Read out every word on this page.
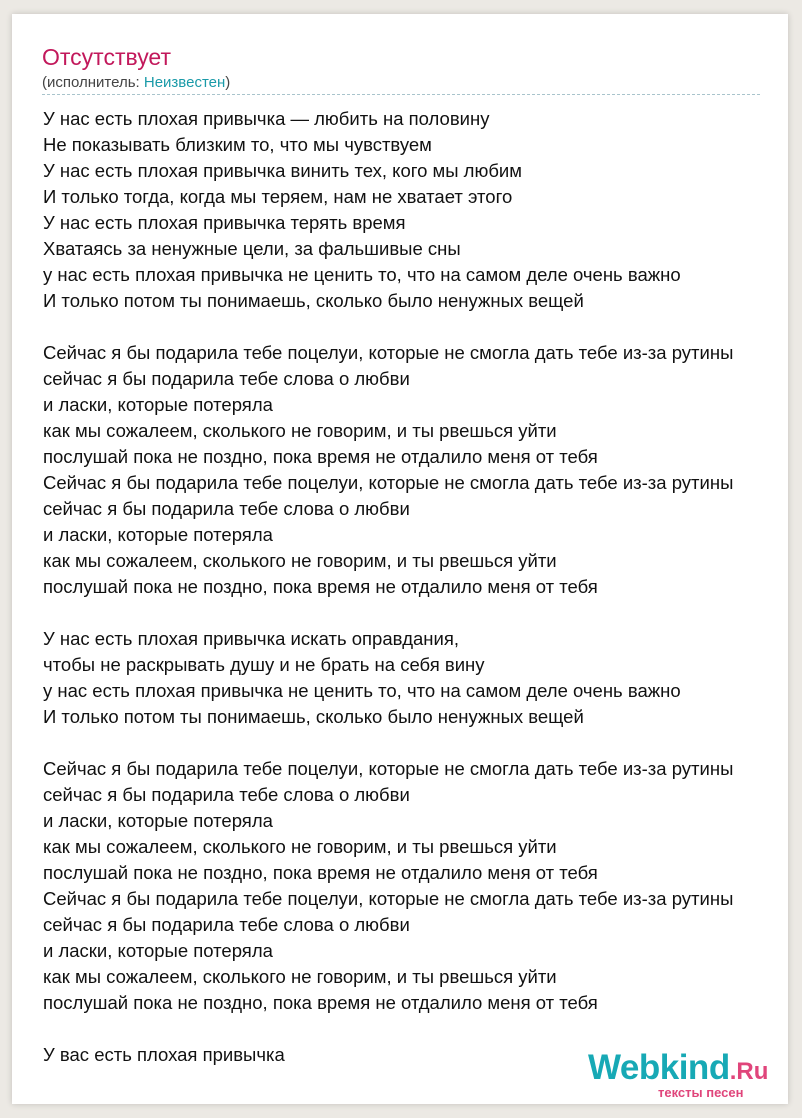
Отсутствует
(исполнитель: Неизвестен)
У нас есть плохая привычка — любить на половину
Не показывать близким то, что мы чувствуем
У нас есть плохая привычка винить тех, кого мы любим
И только тогда, когда мы теряем, нам не хватает этого
У нас есть плохая привычка терять время
Хватаясь за ненужные цели, за фальшивые сны
у нас есть плохая привычка не ценить то, что на самом деле очень важно
И только потом ты понимаешь, сколько было ненужных вещей
Сейчас я бы подарила тебе поцелуи, которые не смогла дать тебе из-за рутины
сейчас я бы подарила тебе слова о любви
и ласки, которые потеряла
как мы сожалеем, сколького не говорим, и ты рвешься уйти
послушай пока не поздно, пока время не отдалило меня от тебя
Сейчас я бы подарила тебе поцелуи, которые не смогла дать тебе из-за рутины
сейчас я бы подарила тебе слова о любви
и ласки, которые потеряла
как мы сожалеем, сколького не говорим, и ты рвешься уйти
послушай пока не поздно, пока время не отдалило меня от тебя
У нас есть плохая привычка искать оправдания,
чтобы не раскрывать душу и не брать на себя вину
у нас есть плохая привычка не ценить то, что на самом деле очень важно
И только потом ты понимаешь, сколько было ненужных вещей
Сейчас я бы подарила тебе поцелуи, которые не смогла дать тебе из-за рутины
сейчас я бы подарила тебе слова о любви
и ласки, которые потеряла
как мы сожалеем, сколького не говорим, и ты рвешься уйти
послушай пока не поздно, пока время не отдалило меня от тебя
Сейчас я бы подарила тебе поцелуи, которые не смогла дать тебе из-за рутины
сейчас я бы подарила тебе слова о любви
и ласки, которые потеряла
как мы сожалеем, сколького не говорим, и ты рвешься уйти
послушай пока не поздно, пока время не отдалило меня от тебя
У вас есть плохая привычка	Webkind.Ru
тексты песен
